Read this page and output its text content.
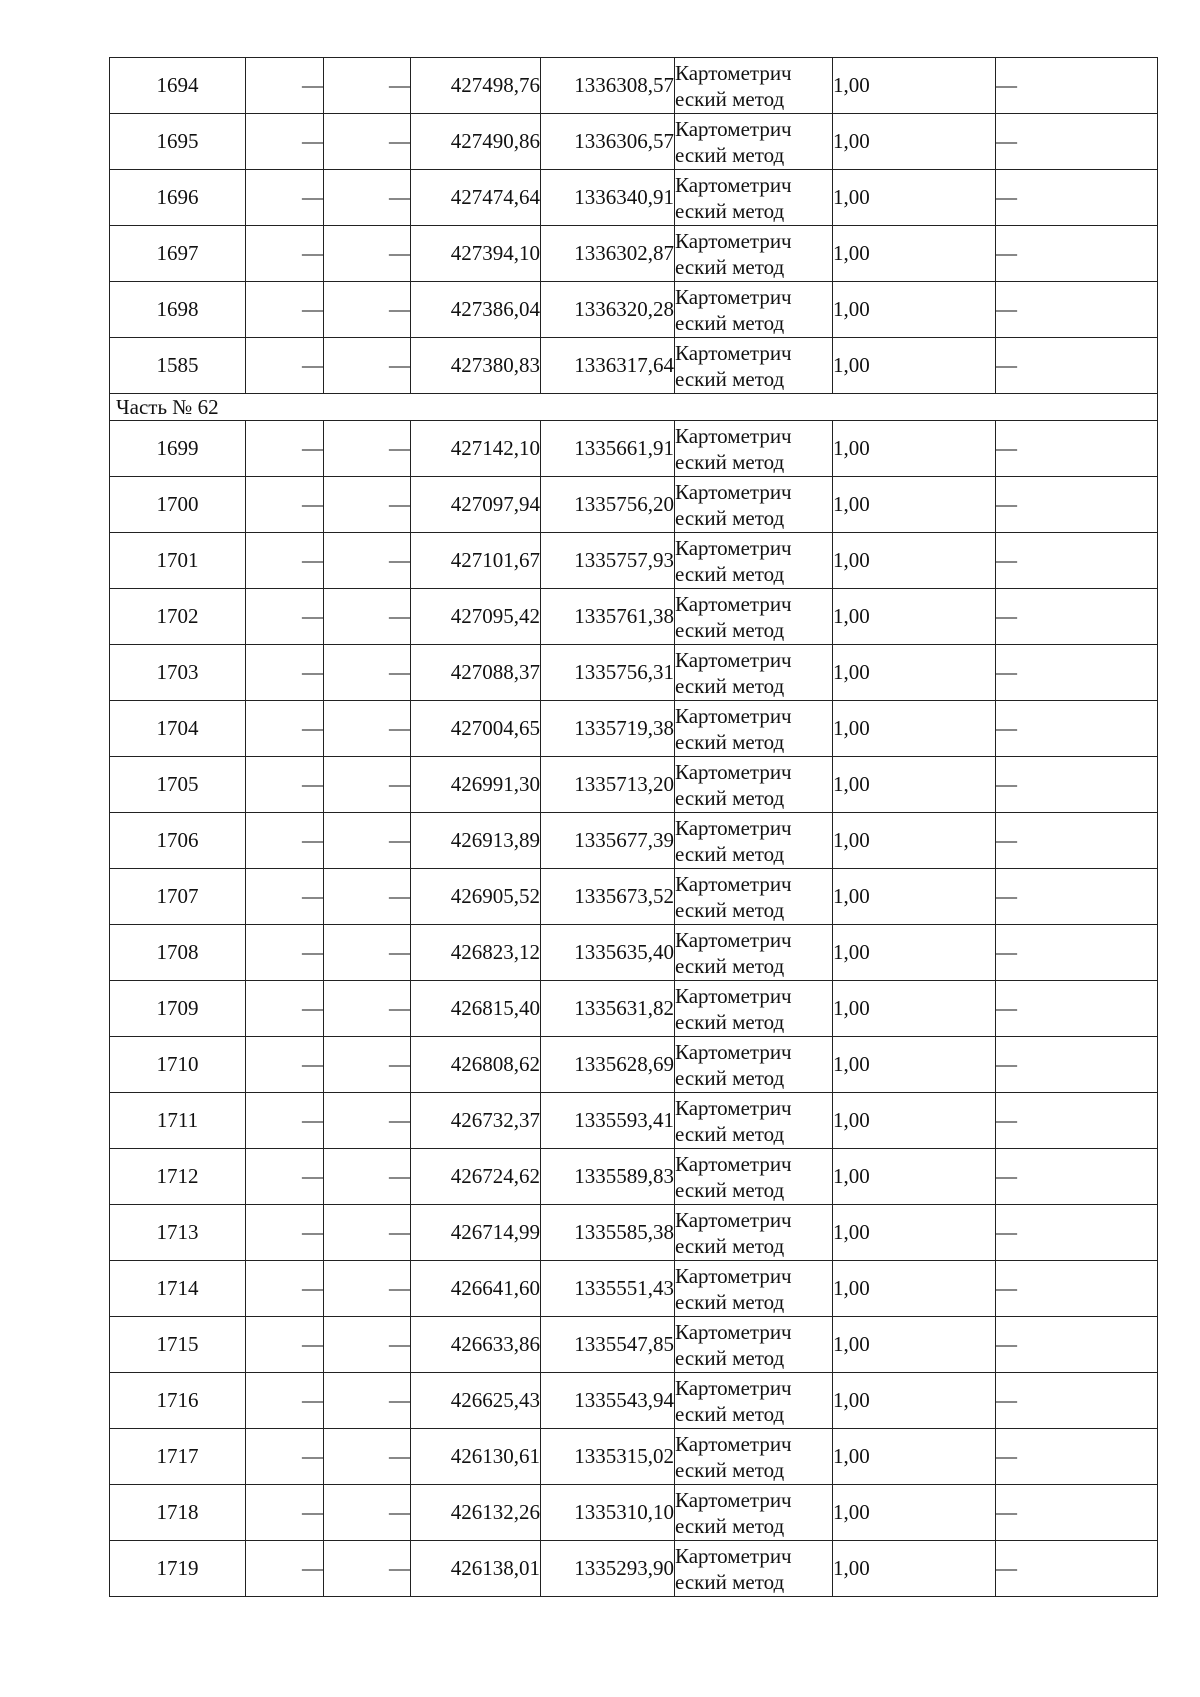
1694	—	—	427498,76	1336308,57	Картометрич
еский метод	1,00	—
1695	—	—	427490,86	1336306,57	Картометрич
еский метод	1,00	—
1696	—	—	427474,64	1336340,91	Картометрич
еский метод	1,00	—
1697	—	—	427394,10	1336302,87	Картометрич
еский метод	1,00	—
1698	—	—	427386,04	1336320,28	Картометрич
еский метод	1,00	—
1585	—	—	427380,83	1336317,64	Картометрич
еский метод	1,00	—
Часть № 62							
1699	—	—	427142,10	1335661,91	Картометрич
еский метод	1,00	—
1700	—	—	427097,94	1335756,20	Картометрич
еский метод	1,00	—
1701	—	—	427101,67	1335757,93	Картометрич
еский метод	1,00	—
1702	—	—	427095,42	1335761,38	Картометрич
еский метод	1,00	—
1703	—	—	427088,37	1335756,31	Картометрич
еский метод	1,00	—
1704	—	—	427004,65	1335719,38	Картометрич
еский метод	1,00	—
1705	—	—	426991,30	1335713,20	Картометрич
еский метод	1,00	—
1706	—	—	426913,89	1335677,39	Картометрич
еский метод	1,00	—
1707	—	—	426905,52	1335673,52	Картометрич
еский метод	1,00	—
1708	—	—	426823,12	1335635,40	Картометрич
еский метод	1,00	—
1709	—	—	426815,40	1335631,82	Картометрич
еский метод	1,00	—
1710	—	—	426808,62	1335628,69	Картометрич
еский метод	1,00	—
1711	—	—	426732,37	1335593,41	Картометрич
еский метод	1,00	—
1712	—	—	426724,62	1335589,83	Картометрич
еский метод	1,00	—
1713	—	—	426714,99	1335585,38	Картометрич
еский метод	1,00	—
1714	—	—	426641,60	1335551,43	Картометрич
еский метод	1,00	—
1715	—	—	426633,86	1335547,85	Картометрич
еский метод	1,00	—
1716	—	—	426625,43	1335543,94	Картометрич
еский метод	1,00	—
1717	—	—	426130,61	1335315,02	Картометрич
еский метод	1,00	—
1718	—	—	426132,26	1335310,10	Картометрич
еский метод	1,00	—
1719	—	—	426138,01	1335293,90	Картометрич
еский метод	1,00	—
